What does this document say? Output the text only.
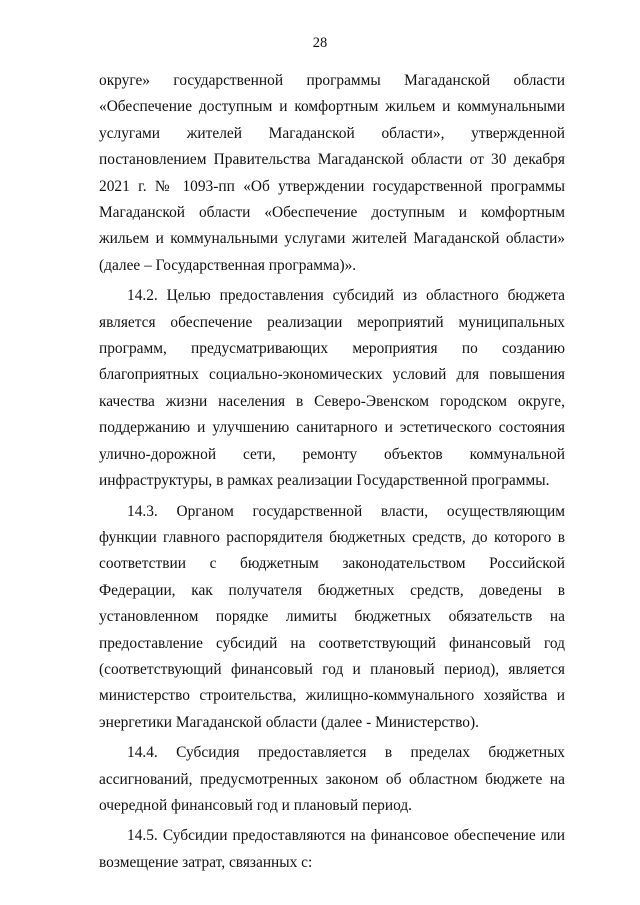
28

округе» государственной программы Магаданской области «Обеспечение доступным и комфортным жильем и коммунальными услугами жителей Магаданской области», утвержденной постановлением Правительства Магаданской области от 30 декабря 2021 г. № 1093-пп «Об утверждении государственной программы Магаданской области «Обеспечение доступным и комфортным жильем и коммунальными услугами жителей Магаданской области» (далее – Государственная программа)».

14.2. Целью предоставления субсидий из областного бюджета является обеспечение реализации мероприятий муниципальных программ, предусматривающих мероприятия по созданию благоприятных социально-экономических условий для повышения качества жизни населения в Северо-Эвенском городском округе, поддержанию и улучшению санитарного и эстетического состояния улично-дорожной сети, ремонту объектов коммунальной инфраструктуры, в рамках реализации Государственной программы.

14.3. Органом государственной власти, осуществляющим функции главного распорядителя бюджетных средств, до которого в соответствии с бюджетным законодательством Российской Федерации, как получателя бюджетных средств, доведены в установленном порядке лимиты бюджетных обязательств на предоставление субсидий на соответствующий финансовый год (соответствующий финансовый год и плановый период), является министерство строительства, жилищно-коммунального хозяйства и энергетики Магаданской области (далее - Министерство).

14.4. Субсидия предоставляется в пределах бюджетных ассигнований, предусмотренных законом об областном бюджете на очередной финансовый год и плановый период.

14.5. Субсидии предоставляются на финансовое обеспечение или возмещение затрат, связанных с:
